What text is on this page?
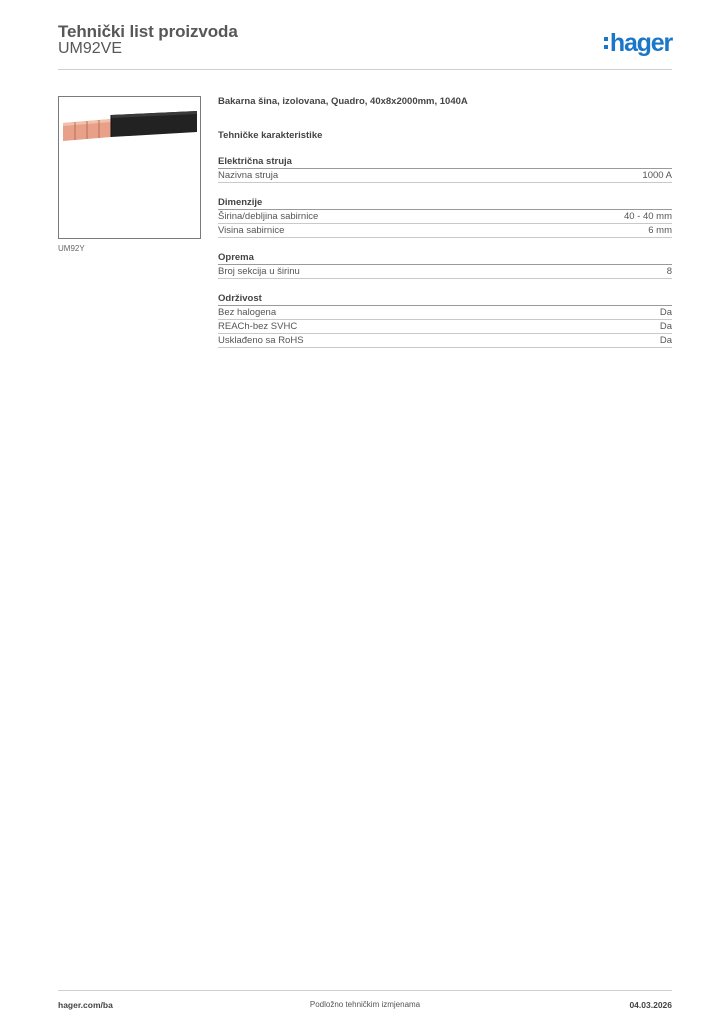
Tehnički list proizvoda
UM92VE	hager
UM92Y
Bakarna šina, izolovana, Quadro, 40x8x2000mm, 1040A
Tehničke karakteristike
Električna struja
Nazivna struja	1000 A
Dimenzije
Širina/debljina sabirnice	40 - 40 mm
Visina sabirnice	6 mm
Oprema
Broj sekcija u širinu	8
Održivost
Bez halogena	Da
REACh-bez SVHC	Da
Usklađeno sa RoHS	Da
hager.com/ba	Podložno tehničkim izmjenama	04.03.2026
